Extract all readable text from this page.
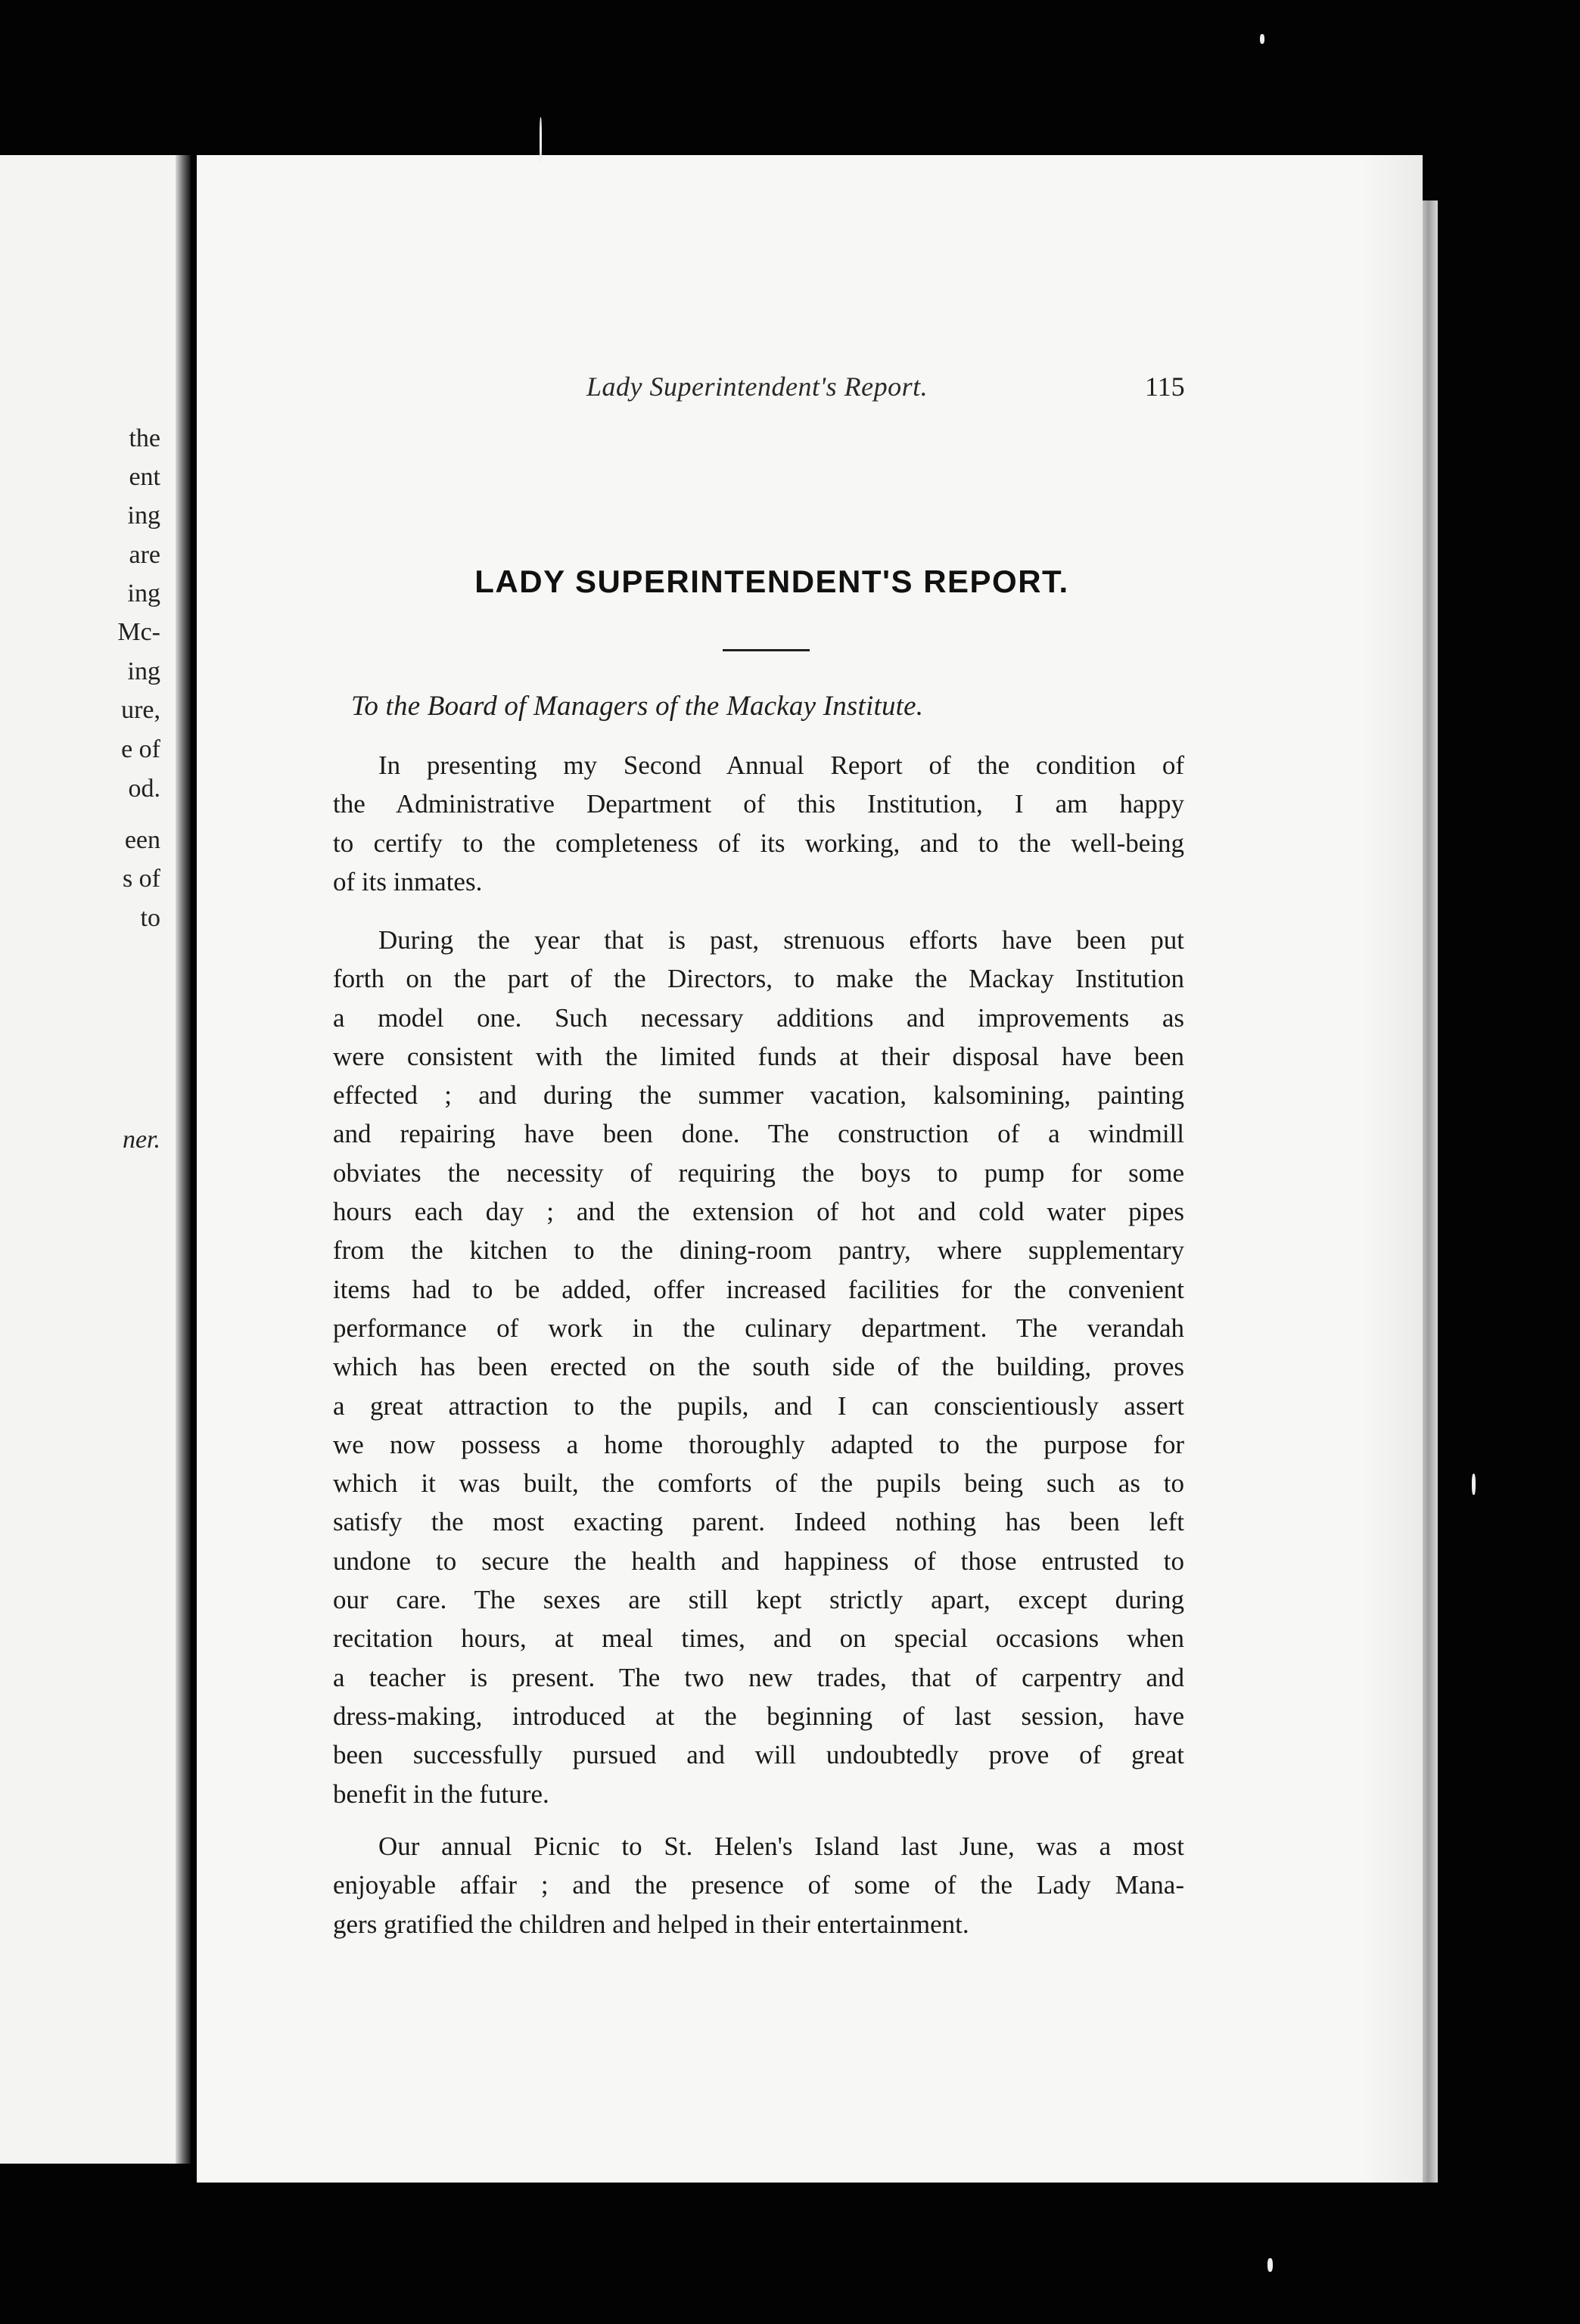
the
ent
ing
are
ing
Mc-
ing
ure,
e of
od.
een
s of
to
ner.
Lady Superintendent's Report.	115
LADY SUPERINTENDENT'S REPORT.
To the Board of Managers of the Mackay Institute.
In presenting my Second Annual Report of the condition of
the Administrative Department of this Institution, I am happy
to certify to the completeness of its working, and to the well-being
of its inmates.
During the year that is past, strenuous efforts have been put
forth on the part of the Directors, to make the Mackay Institution
a model one. Such necessary additions and improvements as
were consistent with the limited funds at their disposal have been
effected ; and during the summer vacation, kalsomining, painting
and repairing have been done. The construction of a windmill
obviates the necessity of requiring the boys to pump for some
hours each day ; and the extension of hot and cold water pipes
from the kitchen to the dining-room pantry, where supplementary
items had to be added, offer increased facilities for the convenient
performance of work in the culinary department. The verandah
which has been erected on the south side of the building, proves
a great attraction to the pupils, and I can conscientiously assert
we now possess a home thoroughly adapted to the purpose for
which it was built, the comforts of the pupils being such as to
satisfy the most exacting parent. Indeed nothing has been left
undone to secure the health and happiness of those entrusted to
our care. The sexes are still kept strictly apart, except during
recitation hours, at meal times, and on special occasions when
a teacher is present. The two new trades, that of carpentry and
dress-making, introduced at the beginning of last session, have
been successfully pursued and will undoubtedly prove of great
benefit in the future.
Our annual Picnic to St. Helen's Island last June, was a most
enjoyable affair ; and the presence of some of the Lady Mana-
gers gratified the children and helped in their entertainment.
